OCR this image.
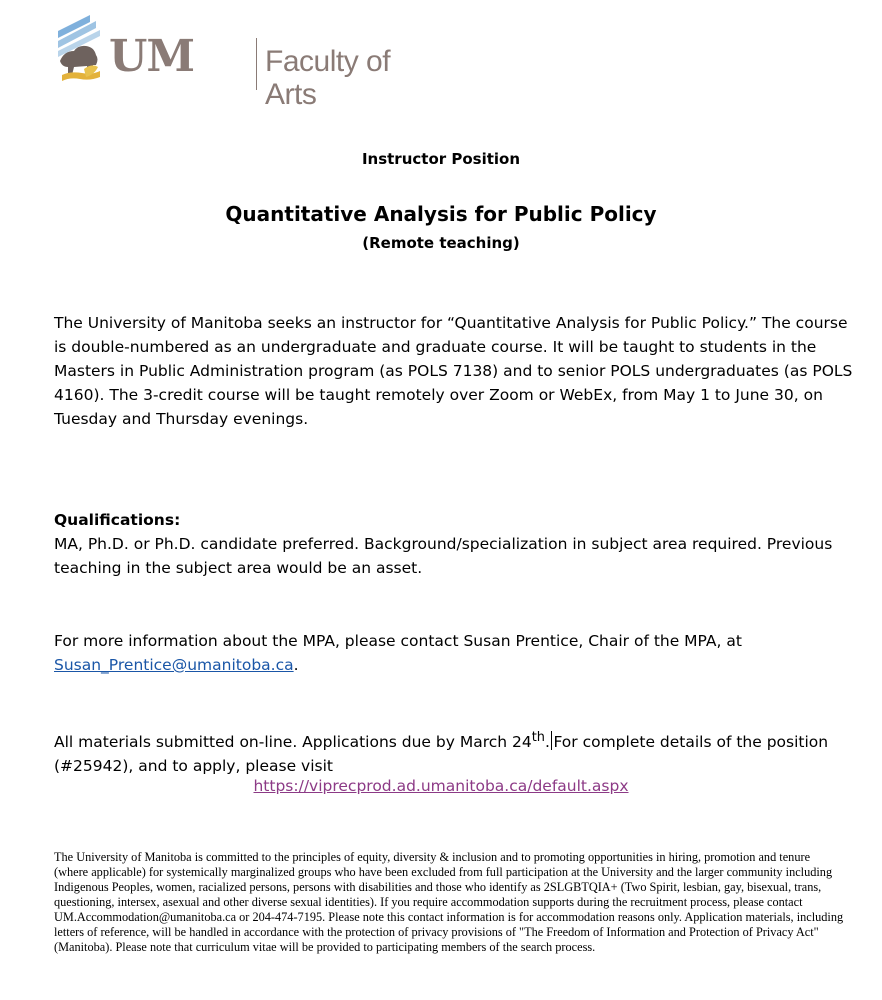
UM Faculty of Arts
Instructor Position
Quantitative Analysis for Public Policy
(Remote teaching)

The University of Manitoba seeks an instructor for “Quantitative Analysis for Public Policy.” The course is double-numbered as an undergraduate and graduate course. It will be taught to students in the Masters in Public Administration program (as POLS 7138) and to senior POLS undergraduates (as POLS 4160). The 3-credit course will be taught remotely over Zoom or WebEx, from May 1 to June 30, on Tuesday and Thursday evenings.

Qualifications:

MA, Ph.D. or Ph.D. candidate preferred. Background/specialization in subject area required. Previous teaching in the subject area would be an asset.

For more information about the MPA, please contact Susan Prentice, Chair of the MPA, at Susan_Prentice@umanitoba.ca.

All materials submitted on-line. Applications due by March 24th. For complete details of the position (#25942), and to apply, please visit

https://viprecprod.ad.umanitoba.ca/default.aspx

The University of Manitoba is committed to the principles of equity, diversity & inclusion and to promoting opportunities in hiring, promotion and tenure (where applicable) for systemically marginalized groups who have been excluded from full participation at the University and the larger community including Indigenous Peoples, women, racialized persons, persons with disabilities and those who identify as 2SLGBTQIA+ (Two Spirit, lesbian, gay, bisexual, trans, questioning, intersex, asexual and other diverse sexual identities). If you require accommodation supports during the recruitment process, please contact UM.Accommodation@umanitoba.ca or 204-474-7195. Please note this contact information is for accommodation reasons only. Application materials, including letters of reference, will be handled in accordance with the protection of privacy provisions of "The Freedom of Information and Protection of Privacy Act" (Manitoba). Please note that curriculum vitae will be provided to participating members of the search process.
